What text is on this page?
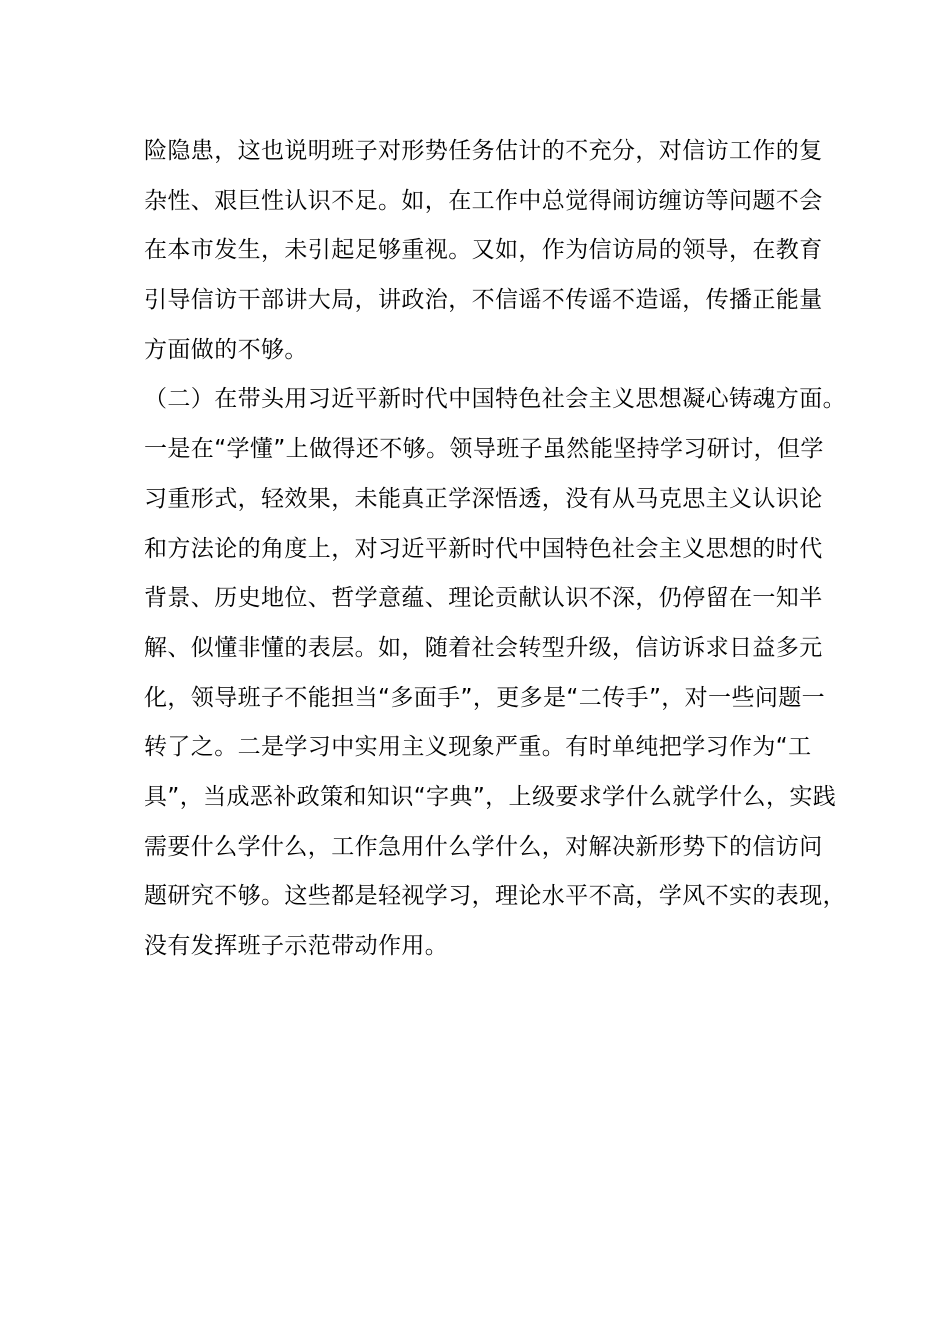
险隐患，这也说明班子对形势任务估计的不充分，对信访工作的复
杂性、艰巨性认识不足。如，在工作中总觉得闹访缠访等问题不会
在本市发生，未引起足够重视。又如，作为信访局的领导，在教育
引导信访干部讲大局，讲政治，不信谣不传谣不造谣，传播正能量
方面做的不够。
（二）在带头用习近平新时代中国特色社会主义思想凝心铸魂方面。
一是在“学懂”上做得还不够。领导班子虽然能坚持学习研讨，但学
习重形式，轻效果，未能真正学深悟透，没有从马克思主义认识论
和方法论的角度上，对习近平新时代中国特色社会主义思想的时代
背景、历史地位、哲学意蕴、理论贡献认识不深，仍停留在一知半
解、似懂非懂的表层。如，随着社会转型升级，信访诉求日益多元
化，领导班子不能担当“多面手”，更多是“二传手”，对一些问题一
转了之。二是学习中实用主义现象严重。有时单纯把学习作为“工
具”，当成恶补政策和知识“字典”，上级要求学什么就学什么，实践
需要什么学什么，工作急用什么学什么，对解决新形势下的信访问
题研究不够。这些都是轻视学习，理论水平不高，学风不实的表现，
没有发挥班子示范带动作用。
